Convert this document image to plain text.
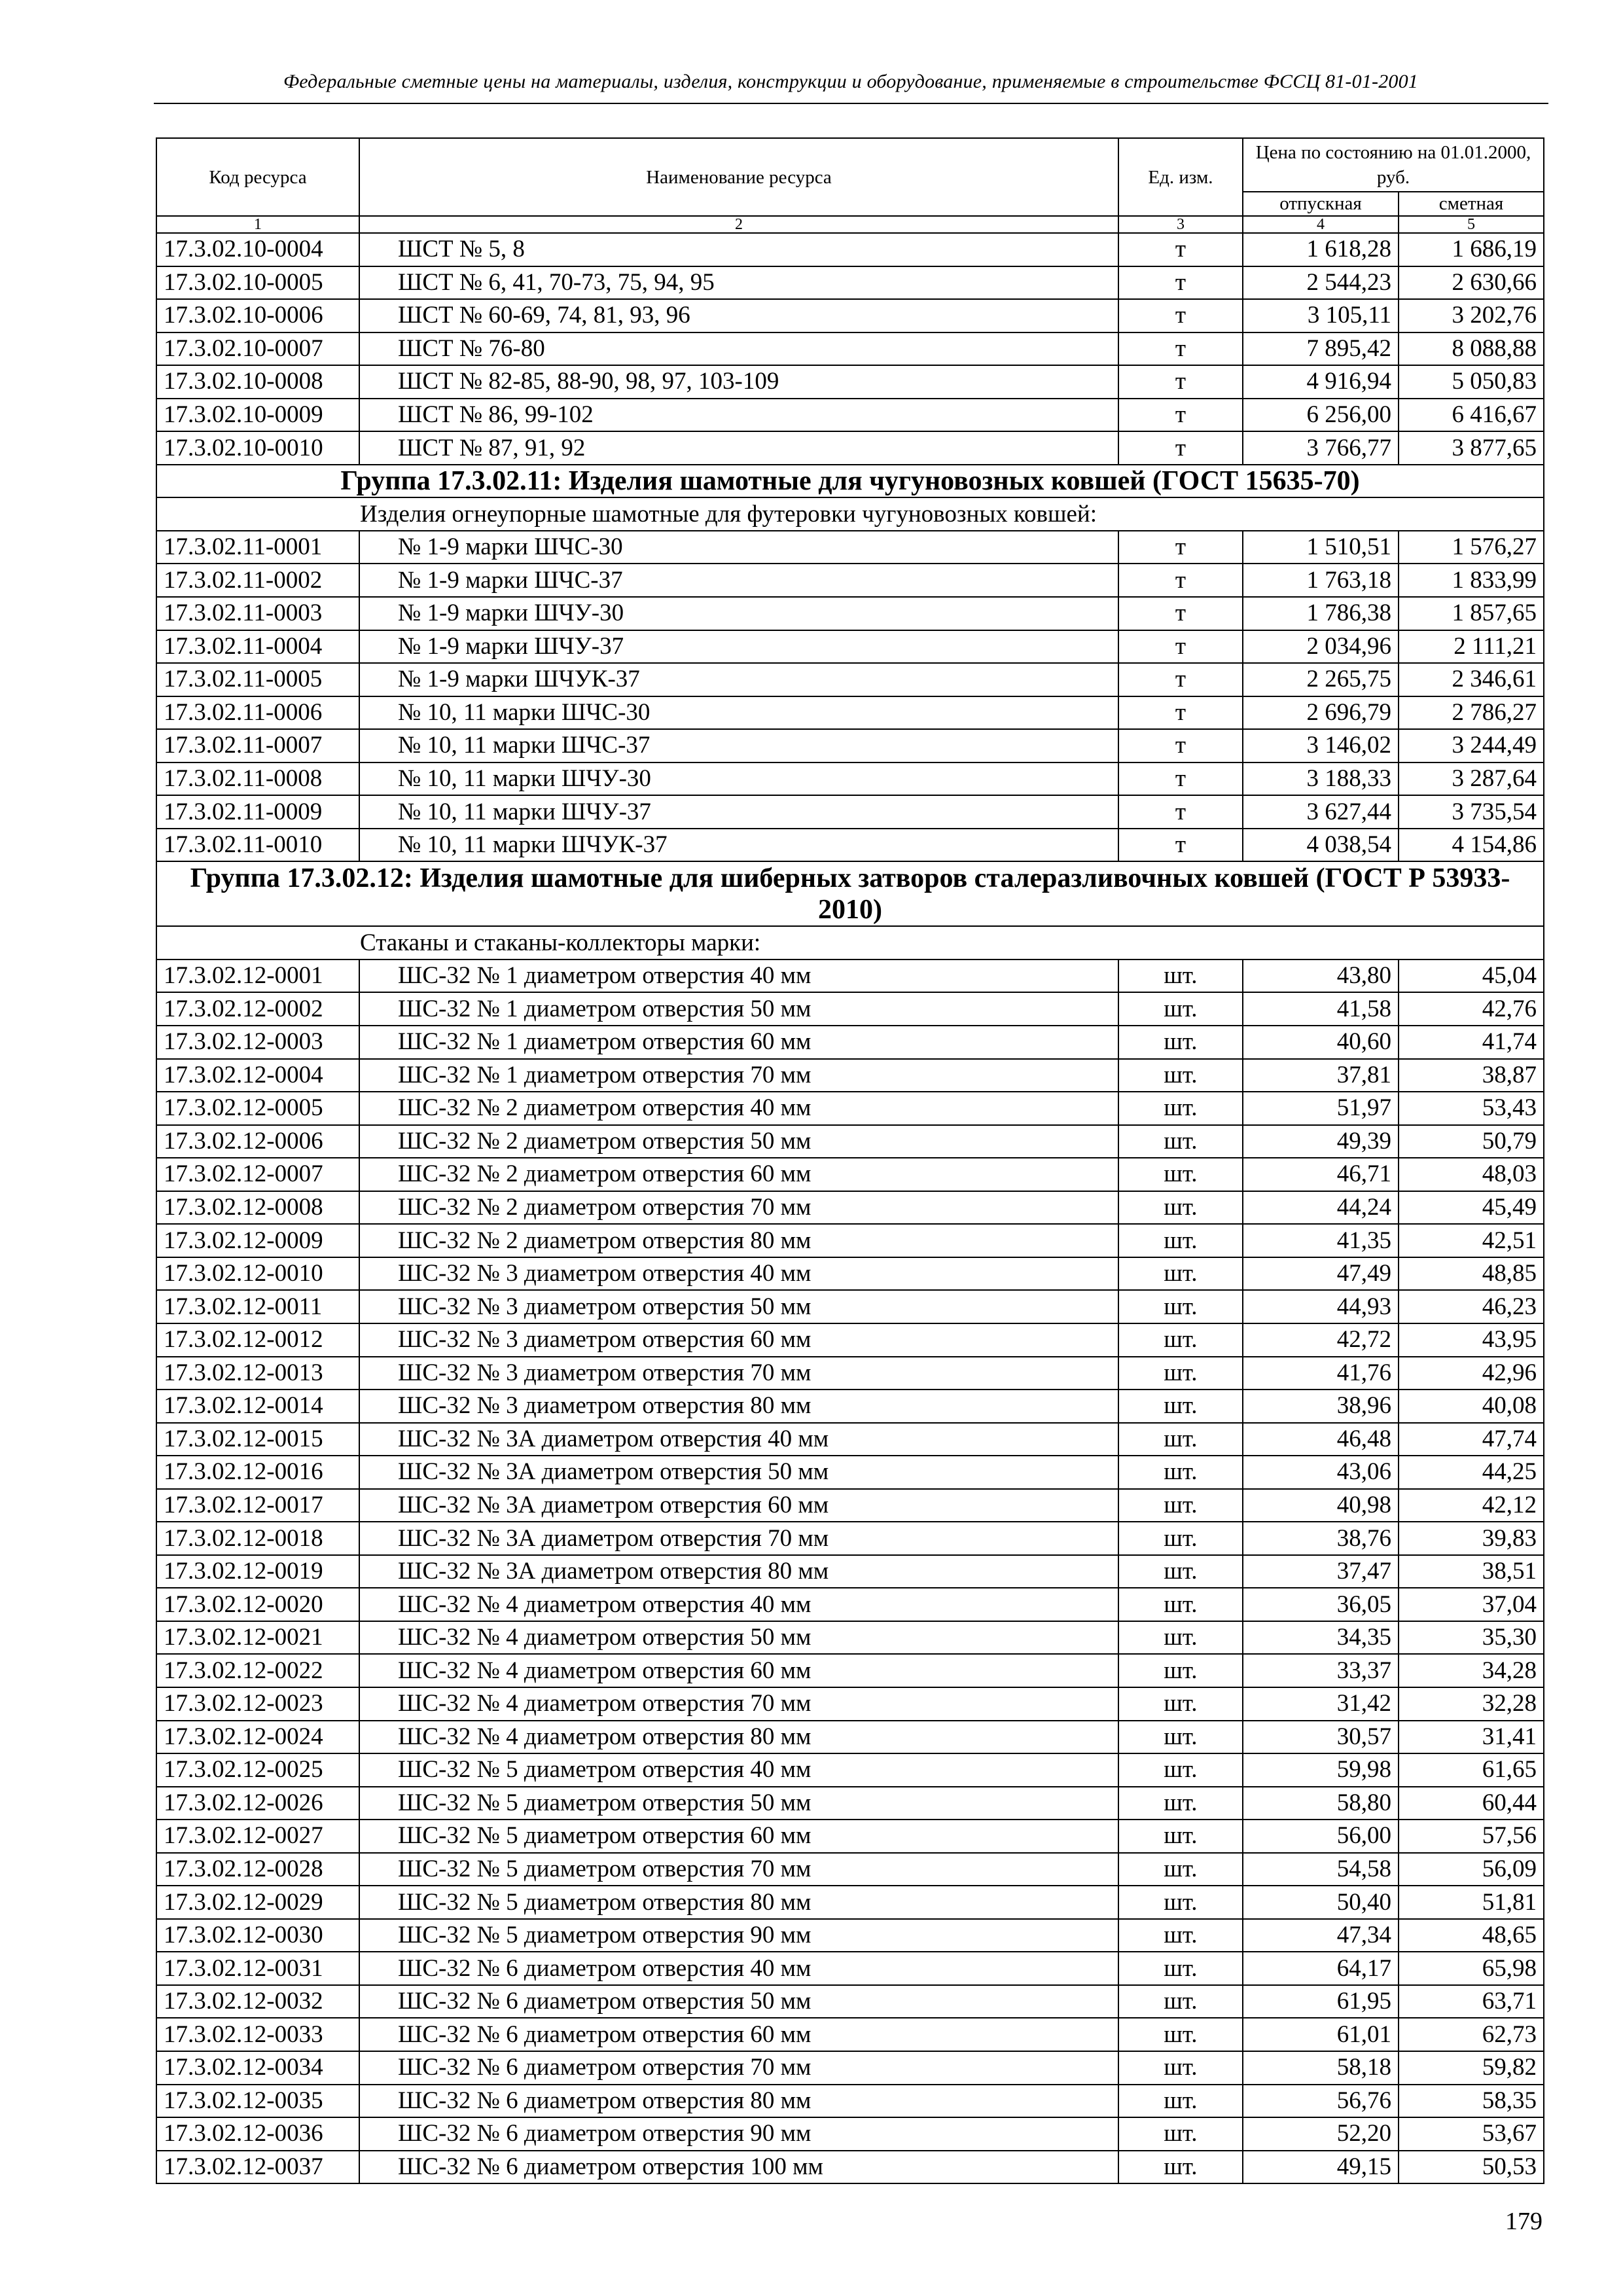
Федеральные сметные цены на материалы, изделия, конструкции и оборудование, применяемые в строительстве ФССЦ 81-01-2001
Код ресурса	Наименование ресурса	Ед. изм.	Цена по состоянию на 01.01.2000, руб.	
			отпускная	сметная
1	2	3	4	5
17.3.02.10-0004	ШСТ № 5, 8	т	1 618,28	1 686,19
17.3.02.10-0005	ШСТ № 6, 41, 70-73, 75, 94, 95	т	2 544,23	2 630,66
17.3.02.10-0006	ШСТ № 60-69, 74, 81, 93, 96	т	3 105,11	3 202,76
17.3.02.10-0007	ШСТ № 76-80	т	7 895,42	8 088,88
17.3.02.10-0008	ШСТ № 82-85, 88-90, 98, 97, 103-109	т	4 916,94	5 050,83
17.3.02.10-0009	ШСТ № 86, 99-102	т	6 256,00	6 416,67
17.3.02.10-0010	ШСТ № 87, 91, 92	т	3 766,77	3 877,65
Группа 17.3.02.11: Изделия шамотные для чугуновозных ковшей (ГОСТ 15635-70)				
Изделия огнеупорные шамотные для футеровки чугуновозных ковшей:				
17.3.02.11-0001	№ 1-9 марки ШЧС-30	т	1 510,51	1 576,27
17.3.02.11-0002	№ 1-9 марки ШЧС-37	т	1 763,18	1 833,99
17.3.02.11-0003	№ 1-9 марки ШЧУ-30	т	1 786,38	1 857,65
17.3.02.11-0004	№ 1-9 марки ШЧУ-37	т	2 034,96	2 111,21
17.3.02.11-0005	№ 1-9 марки ШЧУК-37	т	2 265,75	2 346,61
17.3.02.11-0006	№ 10, 11 марки ШЧС-30	т	2 696,79	2 786,27
17.3.02.11-0007	№ 10, 11 марки ШЧС-37	т	3 146,02	3 244,49
17.3.02.11-0008	№ 10, 11 марки ШЧУ-30	т	3 188,33	3 287,64
17.3.02.11-0009	№ 10, 11 марки ШЧУ-37	т	3 627,44	3 735,54
17.3.02.11-0010	№ 10, 11 марки ШЧУК-37	т	4 038,54	4 154,86
Группа 17.3.02.12: Изделия шамотные для шиберных затворов сталеразливочных ковшей (ГОСТ Р 53933-2010)				
Стаканы и стаканы-коллекторы марки:				
17.3.02.12-0001	ШС-32 № 1 диаметром отверстия 40 мм	шт.	43,80	45,04
17.3.02.12-0002	ШС-32 № 1 диаметром отверстия 50 мм	шт.	41,58	42,76
17.3.02.12-0003	ШС-32 № 1 диаметром отверстия 60 мм	шт.	40,60	41,74
17.3.02.12-0004	ШС-32 № 1 диаметром отверстия 70 мм	шт.	37,81	38,87
17.3.02.12-0005	ШС-32 № 2 диаметром отверстия 40 мм	шт.	51,97	53,43
17.3.02.12-0006	ШС-32 № 2 диаметром отверстия 50 мм	шт.	49,39	50,79
17.3.02.12-0007	ШС-32 № 2 диаметром отверстия 60 мм	шт.	46,71	48,03
17.3.02.12-0008	ШС-32 № 2 диаметром отверстия 70 мм	шт.	44,24	45,49
17.3.02.12-0009	ШС-32 № 2 диаметром отверстия 80 мм	шт.	41,35	42,51
17.3.02.12-0010	ШС-32 № 3 диаметром отверстия 40 мм	шт.	47,49	48,85
17.3.02.12-0011	ШС-32 № 3 диаметром отверстия 50 мм	шт.	44,93	46,23
17.3.02.12-0012	ШС-32 № 3 диаметром отверстия 60 мм	шт.	42,72	43,95
17.3.02.12-0013	ШС-32 № 3 диаметром отверстия 70 мм	шт.	41,76	42,96
17.3.02.12-0014	ШС-32 № 3 диаметром отверстия 80 мм	шт.	38,96	40,08
17.3.02.12-0015	ШС-32 № 3А диаметром отверстия 40 мм	шт.	46,48	47,74
17.3.02.12-0016	ШС-32 № 3А диаметром отверстия 50 мм	шт.	43,06	44,25
17.3.02.12-0017	ШС-32 № 3А диаметром отверстия 60 мм	шт.	40,98	42,12
17.3.02.12-0018	ШС-32 № 3А диаметром отверстия 70 мм	шт.	38,76	39,83
17.3.02.12-0019	ШС-32 № 3А диаметром отверстия 80 мм	шт.	37,47	38,51
17.3.02.12-0020	ШС-32 № 4 диаметром отверстия 40 мм	шт.	36,05	37,04
17.3.02.12-0021	ШС-32 № 4 диаметром отверстия 50 мм	шт.	34,35	35,30
17.3.02.12-0022	ШС-32 № 4 диаметром отверстия 60 мм	шт.	33,37	34,28
17.3.02.12-0023	ШС-32 № 4 диаметром отверстия 70 мм	шт.	31,42	32,28
17.3.02.12-0024	ШС-32 № 4 диаметром отверстия 80 мм	шт.	30,57	31,41
17.3.02.12-0025	ШС-32 № 5 диаметром отверстия 40 мм	шт.	59,98	61,65
17.3.02.12-0026	ШС-32 № 5 диаметром отверстия 50 мм	шт.	58,80	60,44
17.3.02.12-0027	ШС-32 № 5 диаметром отверстия 60 мм	шт.	56,00	57,56
17.3.02.12-0028	ШС-32 № 5 диаметром отверстия 70 мм	шт.	54,58	56,09
17.3.02.12-0029	ШС-32 № 5 диаметром отверстия 80 мм	шт.	50,40	51,81
17.3.02.12-0030	ШС-32 № 5 диаметром отверстия 90 мм	шт.	47,34	48,65
17.3.02.12-0031	ШС-32 № 6 диаметром отверстия 40 мм	шт.	64,17	65,98
17.3.02.12-0032	ШС-32 № 6 диаметром отверстия 50 мм	шт.	61,95	63,71
17.3.02.12-0033	ШС-32 № 6 диаметром отверстия 60 мм	шт.	61,01	62,73
17.3.02.12-0034	ШС-32 № 6 диаметром отверстия 70 мм	шт.	58,18	59,82
17.3.02.12-0035	ШС-32 № 6 диаметром отверстия 80 мм	шт.	56,76	58,35
17.3.02.12-0036	ШС-32 № 6 диаметром отверстия 90 мм	шт.	52,20	53,67
17.3.02.12-0037	ШС-32 № 6 диаметром отверстия 100 мм	шт.	49,15	50,53
179
